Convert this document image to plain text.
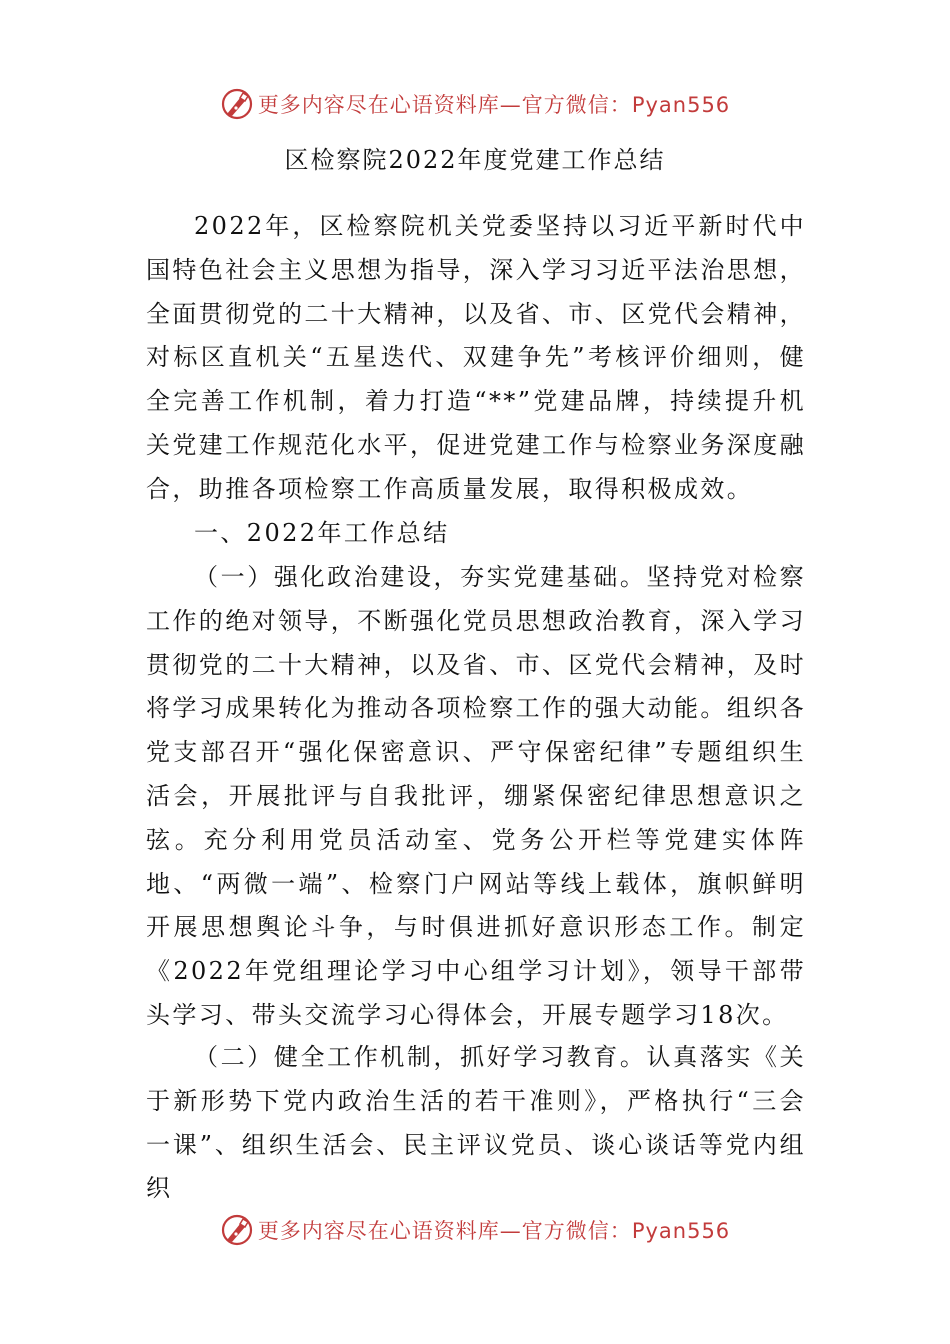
更多内容尽在心语资料库—官方微信：Pyan556
区检察院2022年度党建工作总结

2022年，区检察院机关党委坚持以习近平新时代中国特色社会主义思想为指导，深入学习习近平法治思想，全面贯彻党的二十大精神，以及省、市、区党代会精神，对标区直机关“五星迭代、双建争先”考核评价细则，健全完善工作机制，着力打造“**”党建品牌，持续提升机关党建工作规范化水平，促进党建工作与检察业务深度融合，助推各项检察工作高质量发展，取得积极成效。

一、2022年工作总结

（一）强化政治建设，夯实党建基础。坚持党对检察工作的绝对领导，不断强化党员思想政治教育，深入学习贯彻党的二十大精神，以及省、市、区党代会精神，及时将学习成果转化为推动各项检察工作的强大动能。组织各党支部召开“强化保密意识、严守保密纪律”专题组织生活会，开展批评与自我批评，绷紧保密纪律思想意识之弦。充分利用党员活动室、党务公开栏等党建实体阵地、“两微一端”、检察门户网站等线上载体，旗帜鲜明开展思想舆论斗争，与时俱进抓好意识形态工作。制定《2022年党组理论学习中心组学习计划》，领导干部带头学习、带头交流学习心得体会，开展专题学习18次。

（二）健全工作机制，抓好学习教育。认真落实《关于新形势下党内政治生活的若干准则》，严格执行“三会一课”、组织生活会、民主评议党员、谈心谈话等党内组织

更多内容尽在心语资料库—官方微信：Pyan556
